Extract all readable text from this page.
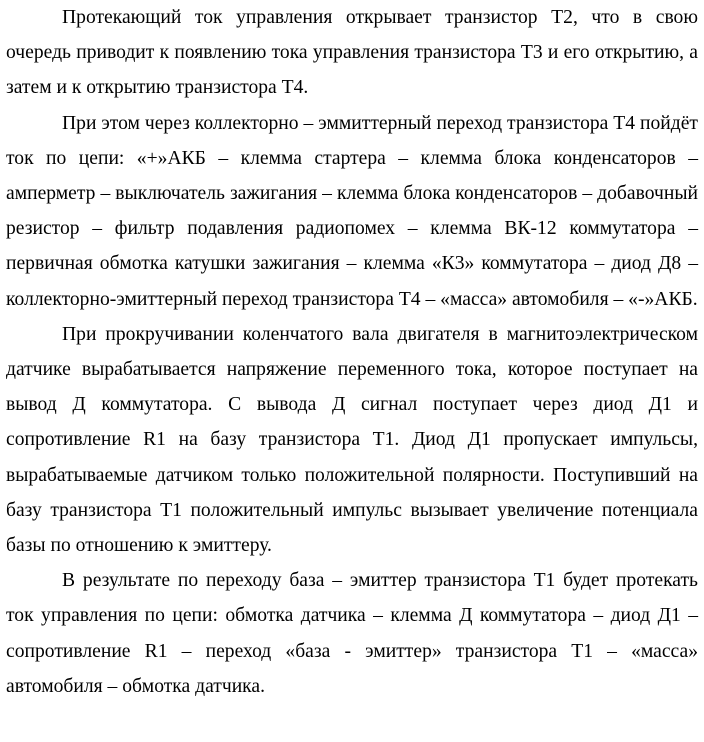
Протекающий ток управления открывает транзистор Т2, что в свою очередь приводит к появлению тока управления транзистора Т3 и его открытию, а затем и к открытию транзистора Т4.

При этом через коллекторно – эммиттерный переход транзистора Т4 пойдёт ток по цепи: «+»АКБ – клемма стартера – клемма блока конденсаторов – амперметр – выключатель зажигания – клемма блока конденсаторов – добавочный резистор – фильтр подавления радиопомех – клемма ВК-12 коммутатора – первичная обмотка катушки зажигания – клемма «К3» коммутатора – диод Д8 – коллекторно-эмиттерный переход транзистора Т4 – «масса» автомобиля – «-»АКБ.

При прокручивании коленчатого вала двигателя в магнитоэлектрическом датчике вырабатывается напряжение переменного тока, которое поступает на вывод Д коммутатора. С вывода Д сигнал поступает через диод Д1 и сопротивление R1 на базу транзистора Т1. Диод Д1 пропускает импульсы, вырабатываемые датчиком только положительной полярности. Поступивший на базу транзистора Т1 положительный импульс вызывает увеличение потенциала базы по отношению к эмиттеру.

В результате по переходу база – эмиттер транзистора Т1 будет протекать ток управления по цепи: обмотка датчика – клемма Д коммутатора – диод Д1 – сопротивление R1 – переход «база - эмиттер» транзистора Т1 – «масса» автомобиля – обмотка датчика.
